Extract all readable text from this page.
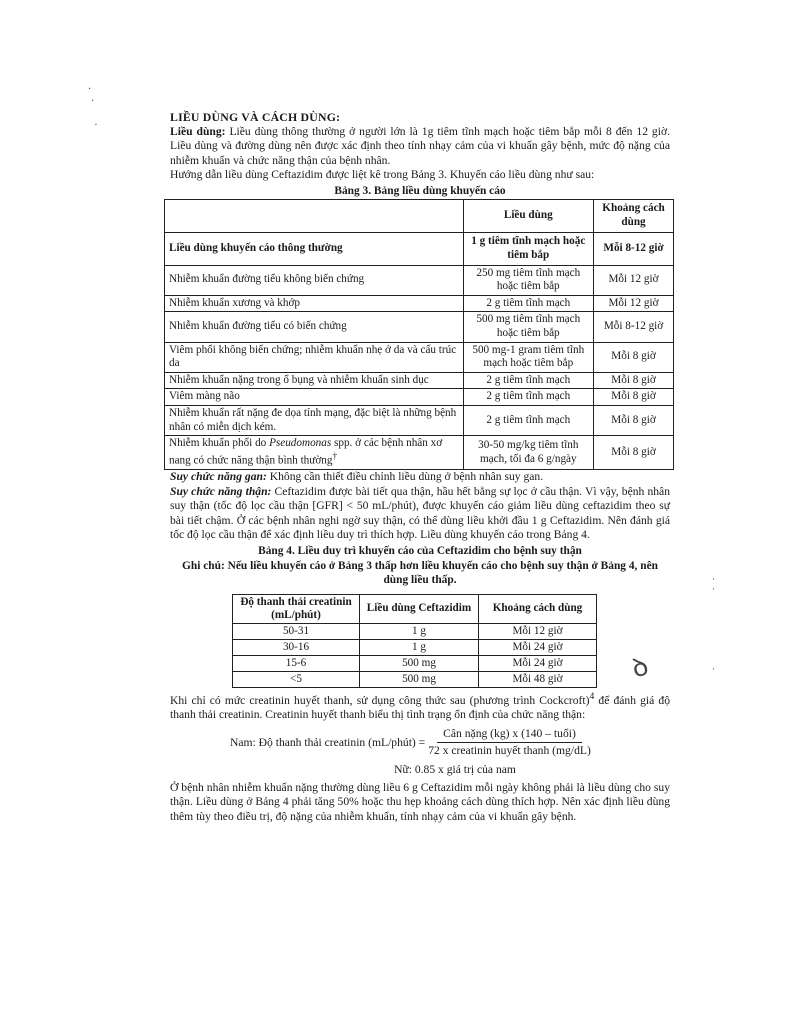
·
·

·
ꝺ
·
·

·
LIỀU DÙNG VÀ CÁCH DÙNG:

Liều dùng: Liều dùng thông thường ở người lớn là 1g tiêm tĩnh mạch hoặc tiêm bắp mỗi 8 đến 12 giờ. Liều dùng và đường dùng nên được xác định theo tính nhạy cảm của vi khuẩn gây bệnh, mức độ nặng của nhiễm khuẩn và chức năng thận của bệnh nhân.

Hướng dẫn liều dùng Ceftazidim được liệt kê trong Bảng 3. Khuyến cáo liều dùng như sau:

Bảng 3. Bảng liều dùng khuyến cáo
	Liều dùng	Khoảng cách dùng
Liều dùng khuyến cáo thông thường	1 g tiêm tĩnh mạch hoặc tiêm bắp	Mỗi 8-12 giờ
Nhiễm khuẩn đường tiểu không biến chứng	250 mg tiêm tĩnh mạch hoặc tiêm bắp	Mỗi 12 giờ
Nhiễm khuẩn xương và khớp	2 g tiêm tĩnh mạch	Mỗi 12 giờ
Nhiễm khuẩn đường tiểu có biến chứng	500 mg tiêm tĩnh mạch hoặc tiêm bắp	Mỗi 8-12 giờ
Viêm phổi không biến chứng; nhiễm khuẩn nhẹ ở da và cấu trúc da	500 mg-1 gram tiêm tĩnh mạch hoặc tiêm bắp	Mỗi 8 giờ
Nhiễm khuẩn nặng trong ổ bụng và nhiễm khuẩn sinh dục	2 g tiêm tĩnh mạch	Mỗi 8 giờ
Viêm màng não	2 g tiêm tĩnh mạch	Mỗi 8 giờ
Nhiễm khuẩn rất nặng đe dọa tính mạng, đặc biệt là những bệnh nhân có miễn dịch kém.	2 g tiêm tĩnh mạch	Mỗi 8 giờ
Nhiễm khuẩn phổi do Pseudomonas spp. ở các bệnh nhân xơ nang có chức năng thận bình thường†	30-50 mg/kg tiêm tĩnh mạch, tối đa 6 g/ngày	Mỗi 8 giờ

Suy chức năng gan: Không cần thiết điều chỉnh liều dùng ở bệnh nhân suy gan.

Suy chức năng thận: Ceftazidim được bài tiết qua thận, hầu hết bằng sự lọc ở cầu thận. Vì vậy, bệnh nhân suy thận (tốc độ lọc cầu thận [GFR] < 50 mL/phút), được khuyến cáo giảm liều dùng ceftazidim theo sự bài tiết chậm. Ở các bệnh nhân nghi ngờ suy thận, có thể dùng liều khởi đầu 1 g Ceftazidim. Nên đánh giá tốc độ lọc cầu thận để xác định liều duy trì thích hợp. Liều dùng khuyến cáo trong Bảng 4.

Bảng 4. Liều duy trì khuyến cáo của Ceftazidim cho bệnh suy thận
Ghi chú: Nếu liều khuyến cáo ở Bảng 3 thấp hơn liều khuyến cáo cho bệnh suy thận ở Bảng 4, nên dùng liều thấp.
Độ thanh thải creatinin (mL/phút)	Liều dùng Ceftazidim	Khoảng cách dùng
50-31	1 g	Mỗi 12 giờ
30-16	1 g	Mỗi 24 giờ
15-6	500 mg	Mỗi 24 giờ
<5	500 mg	Mỗi 48 giờ

Khi chỉ có mức creatinin huyết thanh, sử dụng công thức sau (phương trình Cockcroft)$^4$ để đánh giá độ thanh thải creatinin. Creatinin huyết thanh biểu thị tình trạng ổn định của chức năng thận:

Nam: Độ thanh thải creatinin (mL/phút) = $\frac{\text{Cân nặng (kg) x (140 – tuổi)}}{\text{72 x creatinin huyết thanh (mg/dL)}}$
Nữ: 0.85 x giá trị của nam

Ở bệnh nhân nhiễm khuẩn nặng thường dùng liều 6 g Ceftazidim mỗi ngày không phải là liều dùng cho suy thận. Liều dùng ở Bảng 4 phải tăng 50% hoặc thu hẹp khoảng cách dùng thích hợp. Nên xác định liều dùng thêm tùy theo điều trị, độ nặng của nhiễm khuẩn, tính nhạy cảm của vi khuẩn gây bệnh.
